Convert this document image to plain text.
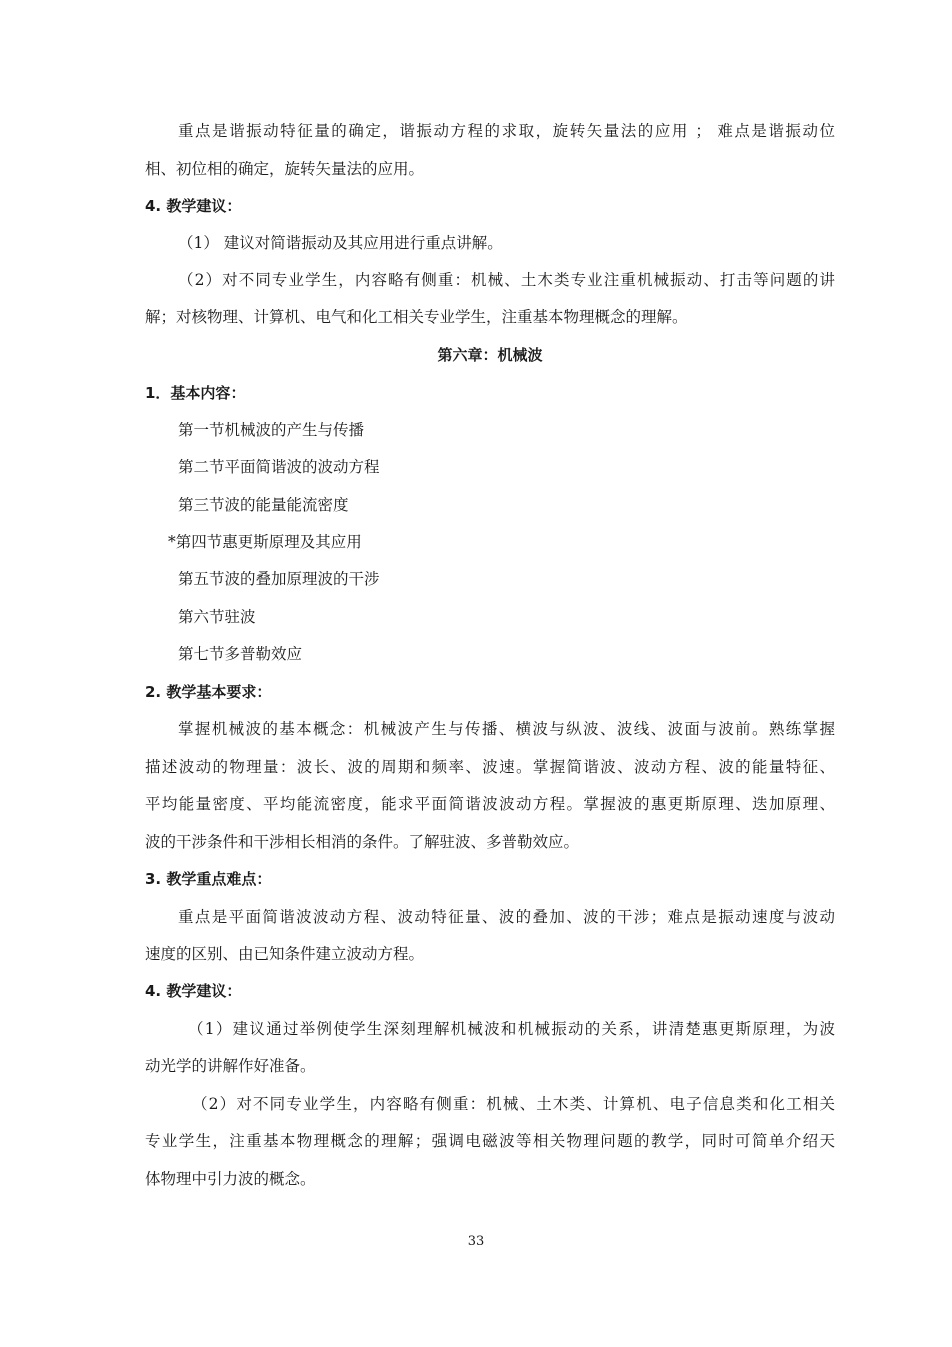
重点是谐振动特征量的确定，谐振动方程的求取，旋转矢量法的应用 ； 难点是谐振动位
相、初位相的确定，旋转矢量法的应用。
4. 教学建议：
（1） 建议对简谐振动及其应用进行重点讲解。
（2）对不同专业学生，内容略有侧重：机械、土木类专业注重机械振动、打击等问题的讲
解；对核物理、计算机、电气和化工相关专业学生，注重基本物理概念的理解。
第六章：机械波
1．基本内容：
第一节机械波的产生与传播
第二节平面简谐波的波动方程
第三节波的能量能流密度
*第四节惠更斯原理及其应用
第五节波的叠加原理波的干涉
第六节驻波
第七节多普勒效应
2. 教学基本要求：
掌握机械波的基本概念：机械波产生与传播、横波与纵波、波线、波面与波前。熟练掌握
描述波动的物理量：波长、波的周期和频率、波速。掌握简谐波、波动方程、波的能量特征、
平均能量密度、平均能流密度，能求平面简谐波波动方程。掌握波的惠更斯原理、迭加原理、
波的干涉条件和干涉相长相消的条件。了解驻波、多普勒效应。
3. 教学重点难点：
重点是平面简谐波波动方程、波动特征量、波的叠加、波的干涉；难点是振动速度与波动
速度的区别、由已知条件建立波动方程。
4. 教学建议：
（1）建议通过举例使学生深刻理解机械波和机械振动的关系，讲清楚惠更斯原理，为波
动光学的讲解作好准备。
（2）对不同专业学生，内容略有侧重：机械、土木类、计算机、电子信息类和化工相关
专业学生，注重基本物理概念的理解；强调电磁波等相关物理问题的教学，同时可简单介绍天
体物理中引力波的概念。
33
